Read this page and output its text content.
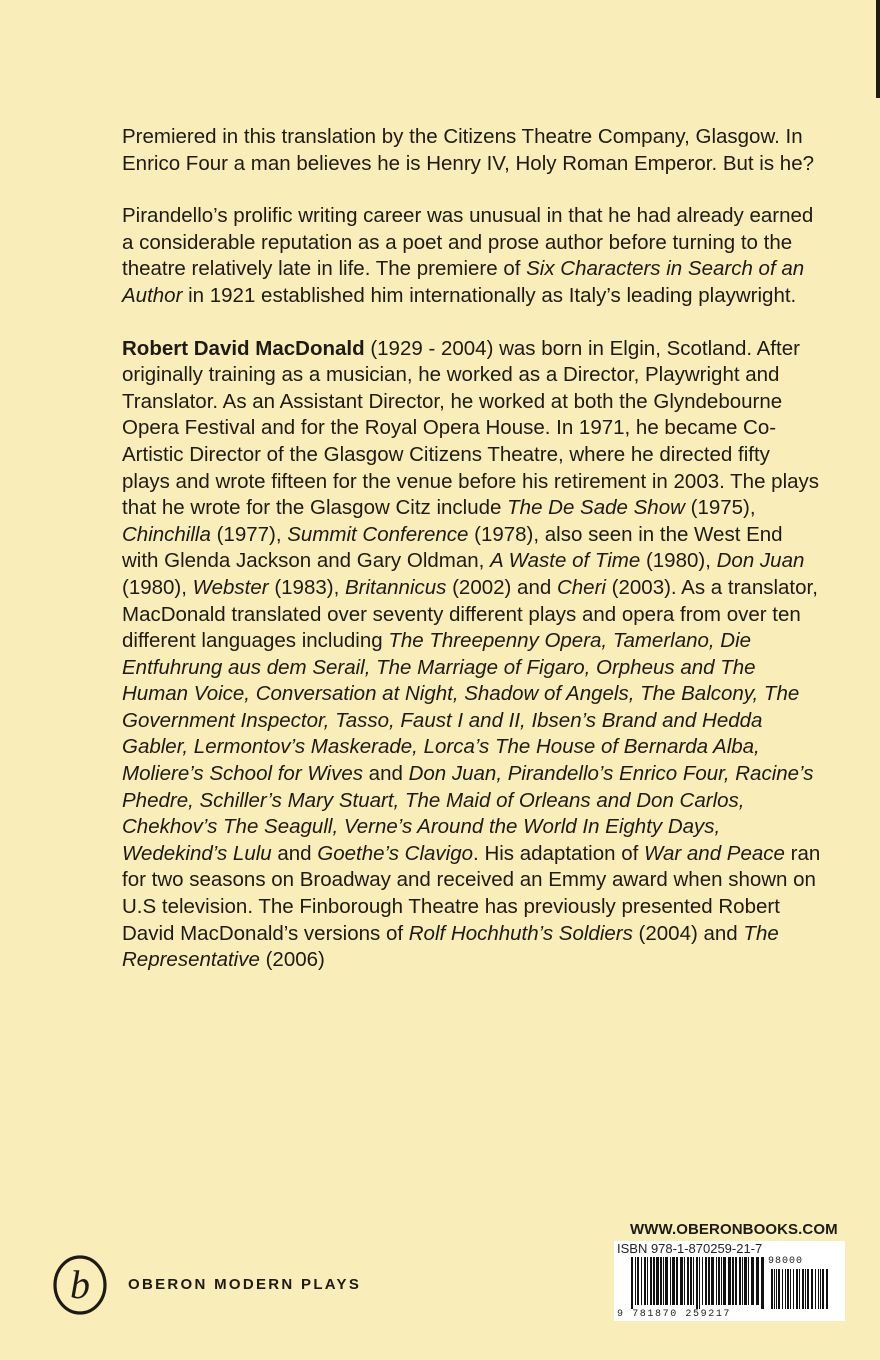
Premiered in this translation by the Citizens Theatre Company, Glasgow. In Enrico Four a man believes he is Henry IV, Holy Roman Emperor. But is he?

Pirandello’s prolific writing career was unusual in that he had already earned a considerable reputation as a poet and prose author before turning to the theatre relatively late in life. The premiere of Six Characters in Search of an Author in 1921 established him internationally as Italy’s leading playwright.

Robert David MacDonald (1929 - 2004) was born in Elgin, Scotland. After originally training as a musician, he worked as a Director, Playwright and Translator. As an Assistant Director, he worked at both the Glyndebourne Opera Festival and for the Royal Opera House. In 1971, he became Co-Artistic Director of the Glasgow Citizens Theatre, where he directed fifty plays and wrote fifteen for the venue before his retirement in 2003. The plays that he wrote for the Glasgow Citz include The De Sade Show (1975), Chinchilla (1977), Summit Conference (1978), also seen in the West End with Glenda Jackson and Gary Oldman, A Waste of Time (1980), Don Juan (1980), Webster (1983), Britannicus (2002) and Cheri (2003). As a translator, MacDonald translated over seventy different plays and opera from over ten different languages including The Threepenny Opera, Tamerlano, Die Entfuhrung aus dem Serail, The Marriage of Figaro, Orpheus and The Human Voice, Conversation at Night, Shadow of Angels, The Balcony, The Government Inspector, Tasso, Faust I and II, Ibsen’s Brand and Hedda Gabler, Lermontov’s Maskerade, Lorca’s The House of Bernarda Alba, Moliere’s School for Wives and Don Juan, Pirandello’s Enrico Four, Racine’s Phedre, Schiller’s Mary Stuart, The Maid of Orleans and Don Carlos, Chekhov’s The Seagull, Verne’s Around the World In Eighty Days, Wedekind’s Lulu and Goethe’s Clavigo. His adaptation of War and Peace ran for two seasons on Broadway and received an Emmy award when shown on U.S television. The Finborough Theatre has previously presented Robert David MacDonald’s versions of Rolf Hochhuth’s Soldiers (2004) and The Representative (2006)

WWW.OBERONBOOKS.COM
ISBN 978-1-870259-21-7
98000
9 781870 259217
b	OBERON MODERN PLAYS
